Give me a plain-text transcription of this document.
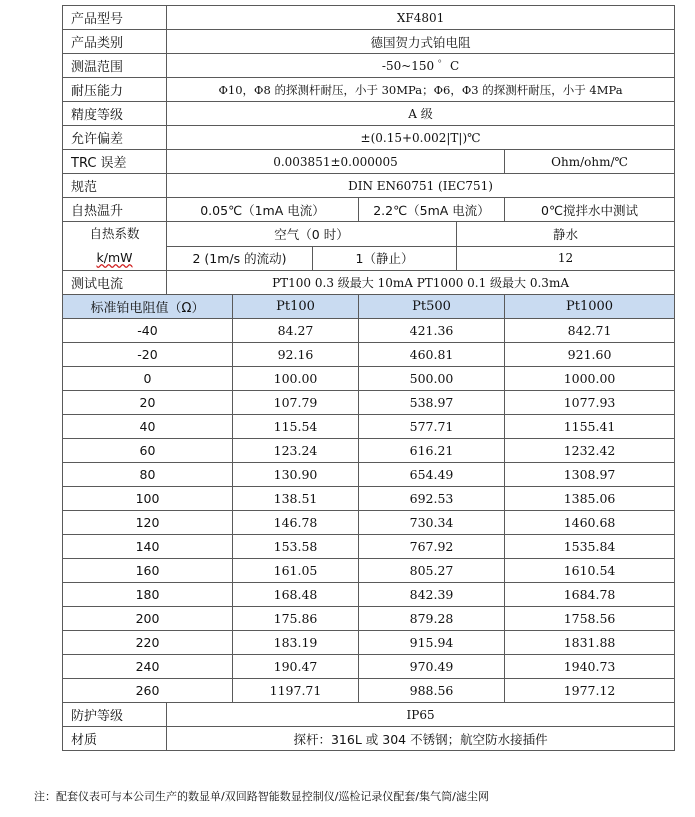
产品型号	XF4801					
产品类别	德国贺力式铂电阻					
测温范围	-50~150 ゜C					
耐压能力	Φ10，Φ8 的探测杆耐压，小于 30MPa；Φ6，Φ3 的探测杆耐压，小于 4MPa					
精度等级	A 级					
允许偏差	±(0.15+0.002|T|)℃					
TRC 误差	0.003851±0.000005					Ohm/ohm/℃
规范	DIN EN60751 (IEC751)					
自热温升	0.05℃（1mA 电流）			2.2℃（5mA 电流）		0℃搅拌水中测试

自热系数
k/mW	空气（0 时）				静水	
	2 (1m/s 的流动)		1（静止）		12	
测试电流	PT100 0.3 级最大 10mA PT1000 0.1 级最大 0.3mA					
标准铂电阻值（Ω）		Pt100		Pt500		Pt1000
-40		84.27		421.36		842.71
-20		92.16		460.81		921.60
0		100.00		500.00		1000.00
20		107.79		538.97		1077.93
40		115.54		577.71		1155.41
60		123.24		616.21		1232.42
80		130.90		654.49		1308.97
100		138.51		692.53		1385.06
120		146.78		730.34		1460.68
140		153.58		767.92		1535.84
160		161.05		805.27		1610.54
180		168.48		842.39		1684.78
200		175.86		879.28		1758.56
220		183.19		915.94		1831.88
240		190.47		970.49		1940.73
260		1197.71		988.56		1977.12
防护等级	IP65					
材质	探杆：316L 或 304 不锈钢；航空防水接插件					
注：配套仪表可与本公司生产的数显单/双回路智能数显控制仪/巡检记录仪配套/集气筒/滤尘网
